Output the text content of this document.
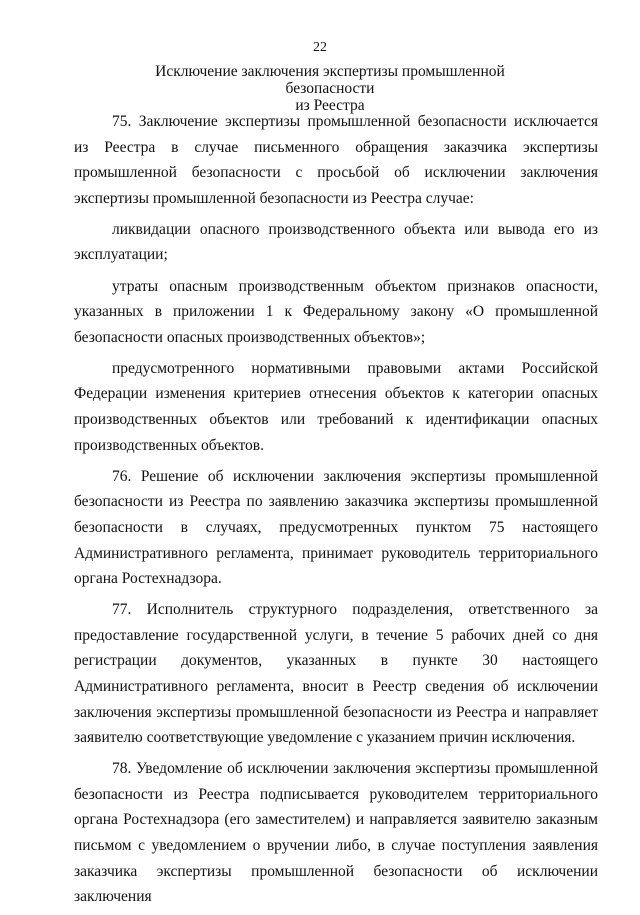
22
Исключение заключения экспертизы промышленной безопасности
из Реестра

75. Заключение экспертизы промышленной безопасности исключается из Реестра в случае письменного обращения заказчика экспертизы промышленной безопасности с просьбой об исключении заключения экспертизы промышленной безопасности из Реестра случае:

ликвидации опасного производственного объекта или вывода его из эксплуатации;

утраты опасным производственным объектом признаков опасности, указанных в приложении 1 к Федеральному закону «О промышленной безопасности опасных производственных объектов»;

предусмотренного нормативными правовыми актами Российской Федерации изменения критериев отнесения объектов к категории опасных производственных объектов или требований к идентификации опасных производственных объектов.

76. Решение об исключении заключения экспертизы промышленной безопасности из Реестра по заявлению заказчика экспертизы промышленной безопасности в случаях, предусмотренных пунктом 75 настоящего Административного регламента, принимает руководитель территориального органа Ростехнадзора.

77. Исполнитель структурного подразделения, ответственного за предоставление государственной услуги, в течение 5 рабочих дней со дня регистрации документов, указанных в пункте 30 настоящего Административного регламента, вносит в Реестр сведения об исключении заключения экспертизы промышленной безопасности из Реестра и направляет заявителю соответствующие уведомление с указанием причин исключения.

78. Уведомление об исключении заключения экспертизы промышленной безопасности из Реестра подписывается руководителем территориального органа Ростехнадзора (его заместителем) и направляется заявителю заказным письмом с уведомлением о вручении либо, в случае поступления заявления заказчика экспертизы промышленной безопасности об исключении заключения
